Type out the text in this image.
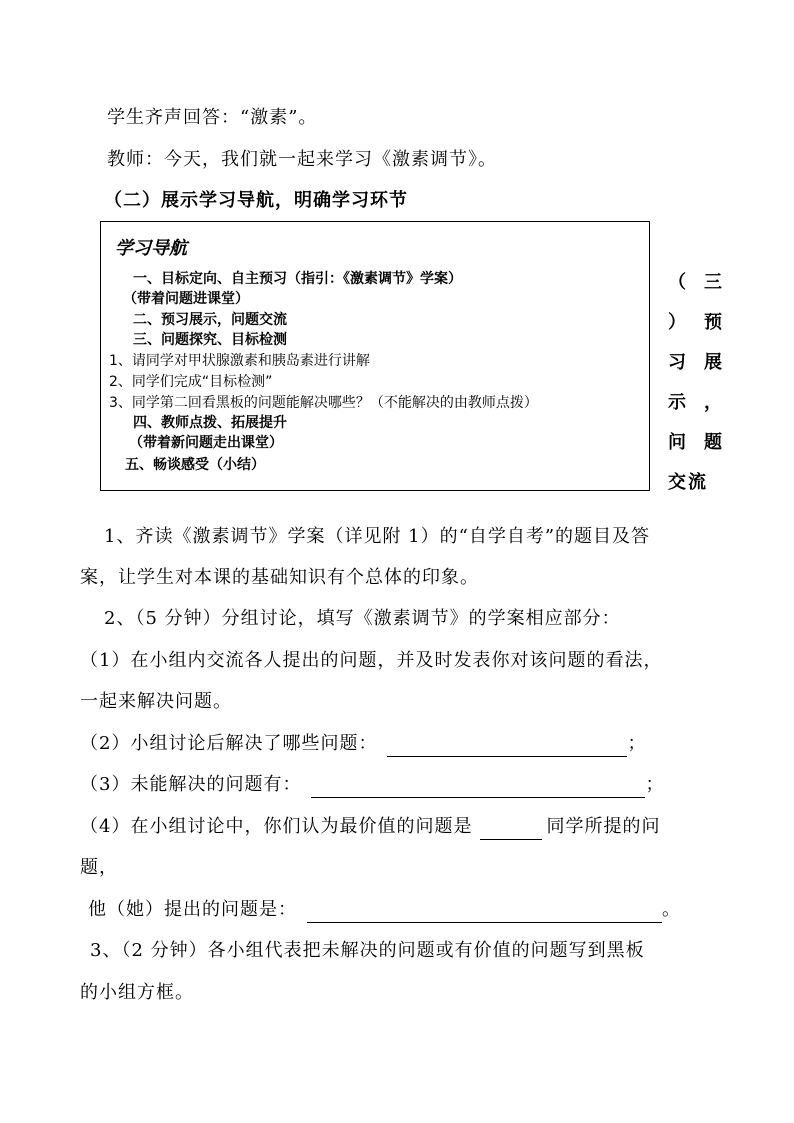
学生齐声回答：“激素”。
教师：今天，我们就一起来学习《激素调节》。
（二）展示学习导航，明确学习环节
学习导航
一、目标定向、自主预习（指引：《激素调节》学案）
（带着问题进课堂）
二、预习展示，问题交流
三、问题探究、目标检测
1、请同学对甲状腺激素和胰岛素进行讲解
2、同学们完成“目标检测”
3、同学第二回看黑板的问题能解决哪些？（不能解决的由教师点拨）
四、教师点拨、拓展提升
（带着新问题走出课堂）
五、畅谈感受（小结）
（ 三
） 预
习 展
示 ，
问 题
交流
1、齐读《激素调节》学案（详见附 1）的“自学自考”的题目及答
案，让学生对本课的基础知识有个总体的印象。
2、（5 分钟）分组讨论，填写《激素调节》的学案相应部分：
（1）在小组内交流各人提出的问题，并及时发表你对该问题的看法，
一起来解决问题。
（2）小组讨论后解决了哪些问题：	；
（3）未能解决的问题有：	；
（4）在小组讨论中，你们认为最价值的问题是	同学所提的问
题，
他（她）提出的问题是：	。
3、（2 分钟）各小组代表把未解决的问题或有价值的问题写到黑板
的小组方框。
